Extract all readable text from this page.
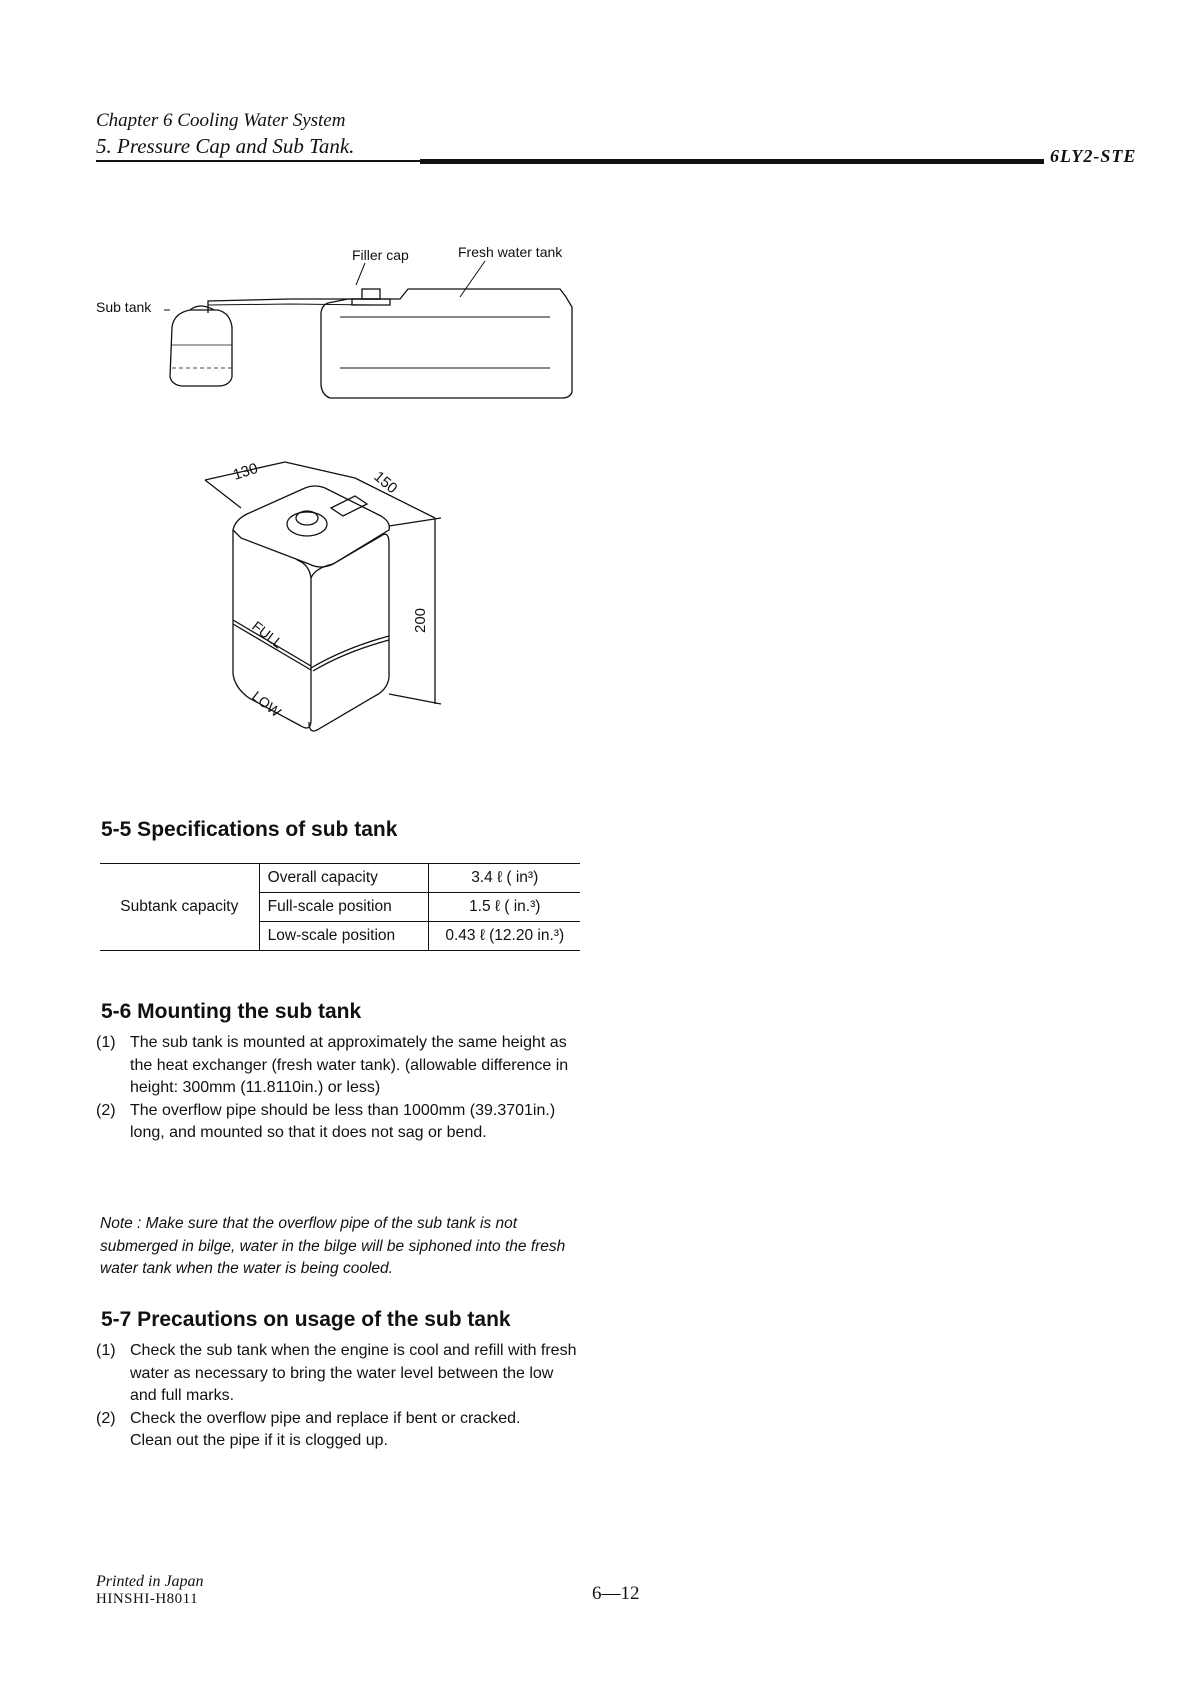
Chapter 6 Cooling Water System
5. Pressure Cap and Sub Tank.	6LY2-STE
Filler cap	Fresh water tank
Sub tank
130	150
200
FULL
LOW
5-5 Specifications of sub tank
Subtank capacity	Overall capacity	3.4 ℓ ( in³)
	Full-scale position	1.5 ℓ ( in.³)
	Low-scale position	0.43 ℓ (12.20 in.³)
5-6 Mounting the sub tank
(1) The sub tank is mounted at approximately the same height as the heat exchanger (fresh water tank). (allowable difference in height: 300mm (11.8110in.) or less)
(2) The overflow pipe should be less than 1000mm (39.3701in.) long, and mounted so that it does not sag or bend.
Note : Make sure that the overflow pipe of the sub tank is not submerged in bilge, water in the bilge will be siphoned into the fresh water tank when the water is being cooled.
5-7 Precautions on usage of the sub tank
(1) Check the sub tank when the engine is cool and refill with fresh water as necessary to bring the water level between the low and full marks.
(2) Check the overflow pipe and replace if bent or cracked.
Clean out the pipe if it is clogged up.
Printed in Japan
HINSHI-H8011	6—12
